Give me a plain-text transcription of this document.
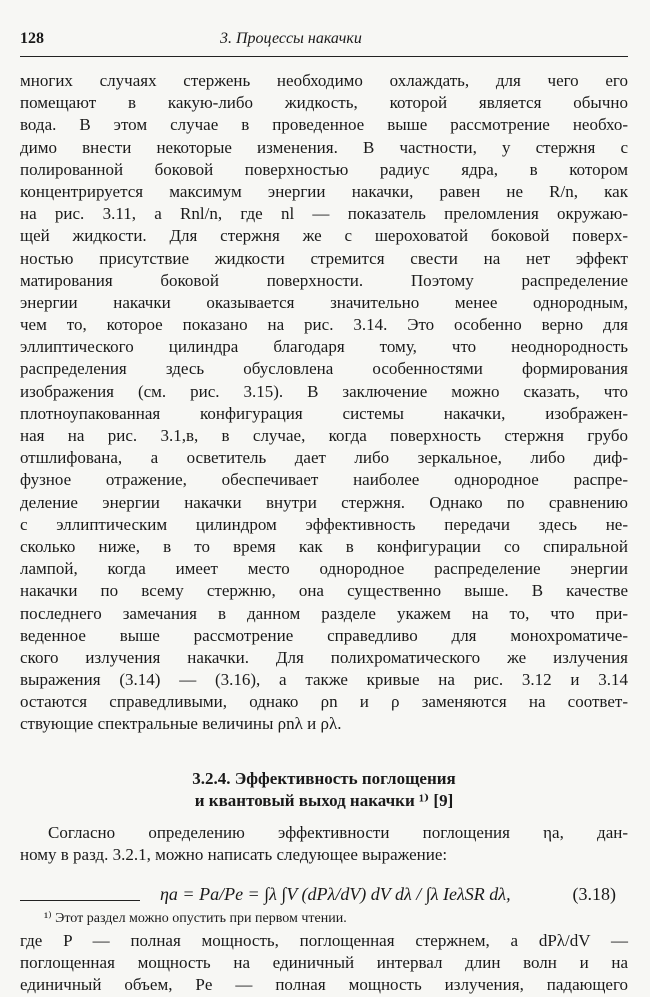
128	3. Процессы накачки
многих случаях стержень необходимо охлаждать, для чего его
помещают в какую-либо жидкость, которой является обычно
вода. В этом случае в проведенное выше рассмотрение необхо-
димо внести некоторые изменения. В частности, у стержня с
полированной боковой поверхностью радиус ядра, в котором
концентрируется максимум энергии накачки, равен не R/n, как
на рис. 3.11, а Rnl/n, где nl — показатель преломления окружаю-
щей жидкости. Для стержня же с шероховатой боковой поверх-
ностью присутствие жидкости стремится свести на нет эффект
матирования боковой поверхности. Поэтому распределение
энергии накачки оказывается значительно менее однородным,
чем то, которое показано на рис. 3.14. Это особенно верно для
эллиптического цилиндра благодаря тому, что неоднородность
распределения здесь обусловлена особенностями формирования
изображения (см. рис. 3.15). В заключение можно сказать, что
плотноупакованная конфигурация системы накачки, изображен-
ная на рис. 3.1,в, в случае, когда поверхность стержня грубо
отшлифована, а осветитель дает либо зеркальное, либо диф-
фузное отражение, обеспечивает наиболее однородное распре-
деление энергии накачки внутри стержня. Однако по сравнению
с эллиптическим цилиндром эффективность передачи здесь не-
сколько ниже, в то время как в конфигурации со спиральной
лампой, когда имеет место однородное распределение энергии
накачки по всему стержню, она существенно выше. В качестве
последнего замечания в данном разделе укажем на то, что при-
веденное выше рассмотрение справедливо для монохроматиче-
ского излучения накачки. Для полихроматического же излучения
выражения (3.14) — (3.16), а также кривые на рис. 3.12 и 3.14
остаются справедливыми, однако ρn и ρ заменяются на соответ-
ствующие спектральные величины ρnλ и ρλ.
3.2.4. Эффективность поглощения
и квантовый выход накачки ¹⁾ [9]
Согласно определению эффективности поглощения ηa, дан-
ному в разд. 3.2.1, можно написать следующее выражение:
ηa = Pa/Pe = ∫λ ∫V (dPλ/dV) dV dλ / ∫λ IeλSR dλ,	(3.18)
где P — полная мощность, поглощенная стержнем, а dPλ/dV —
поглощенная мощность на единичный интервал длин волн и на
единичный объем, Pe — полная мощность излучения, падающего
¹⁾ Этот раздел можно опустить при первом чтении.
